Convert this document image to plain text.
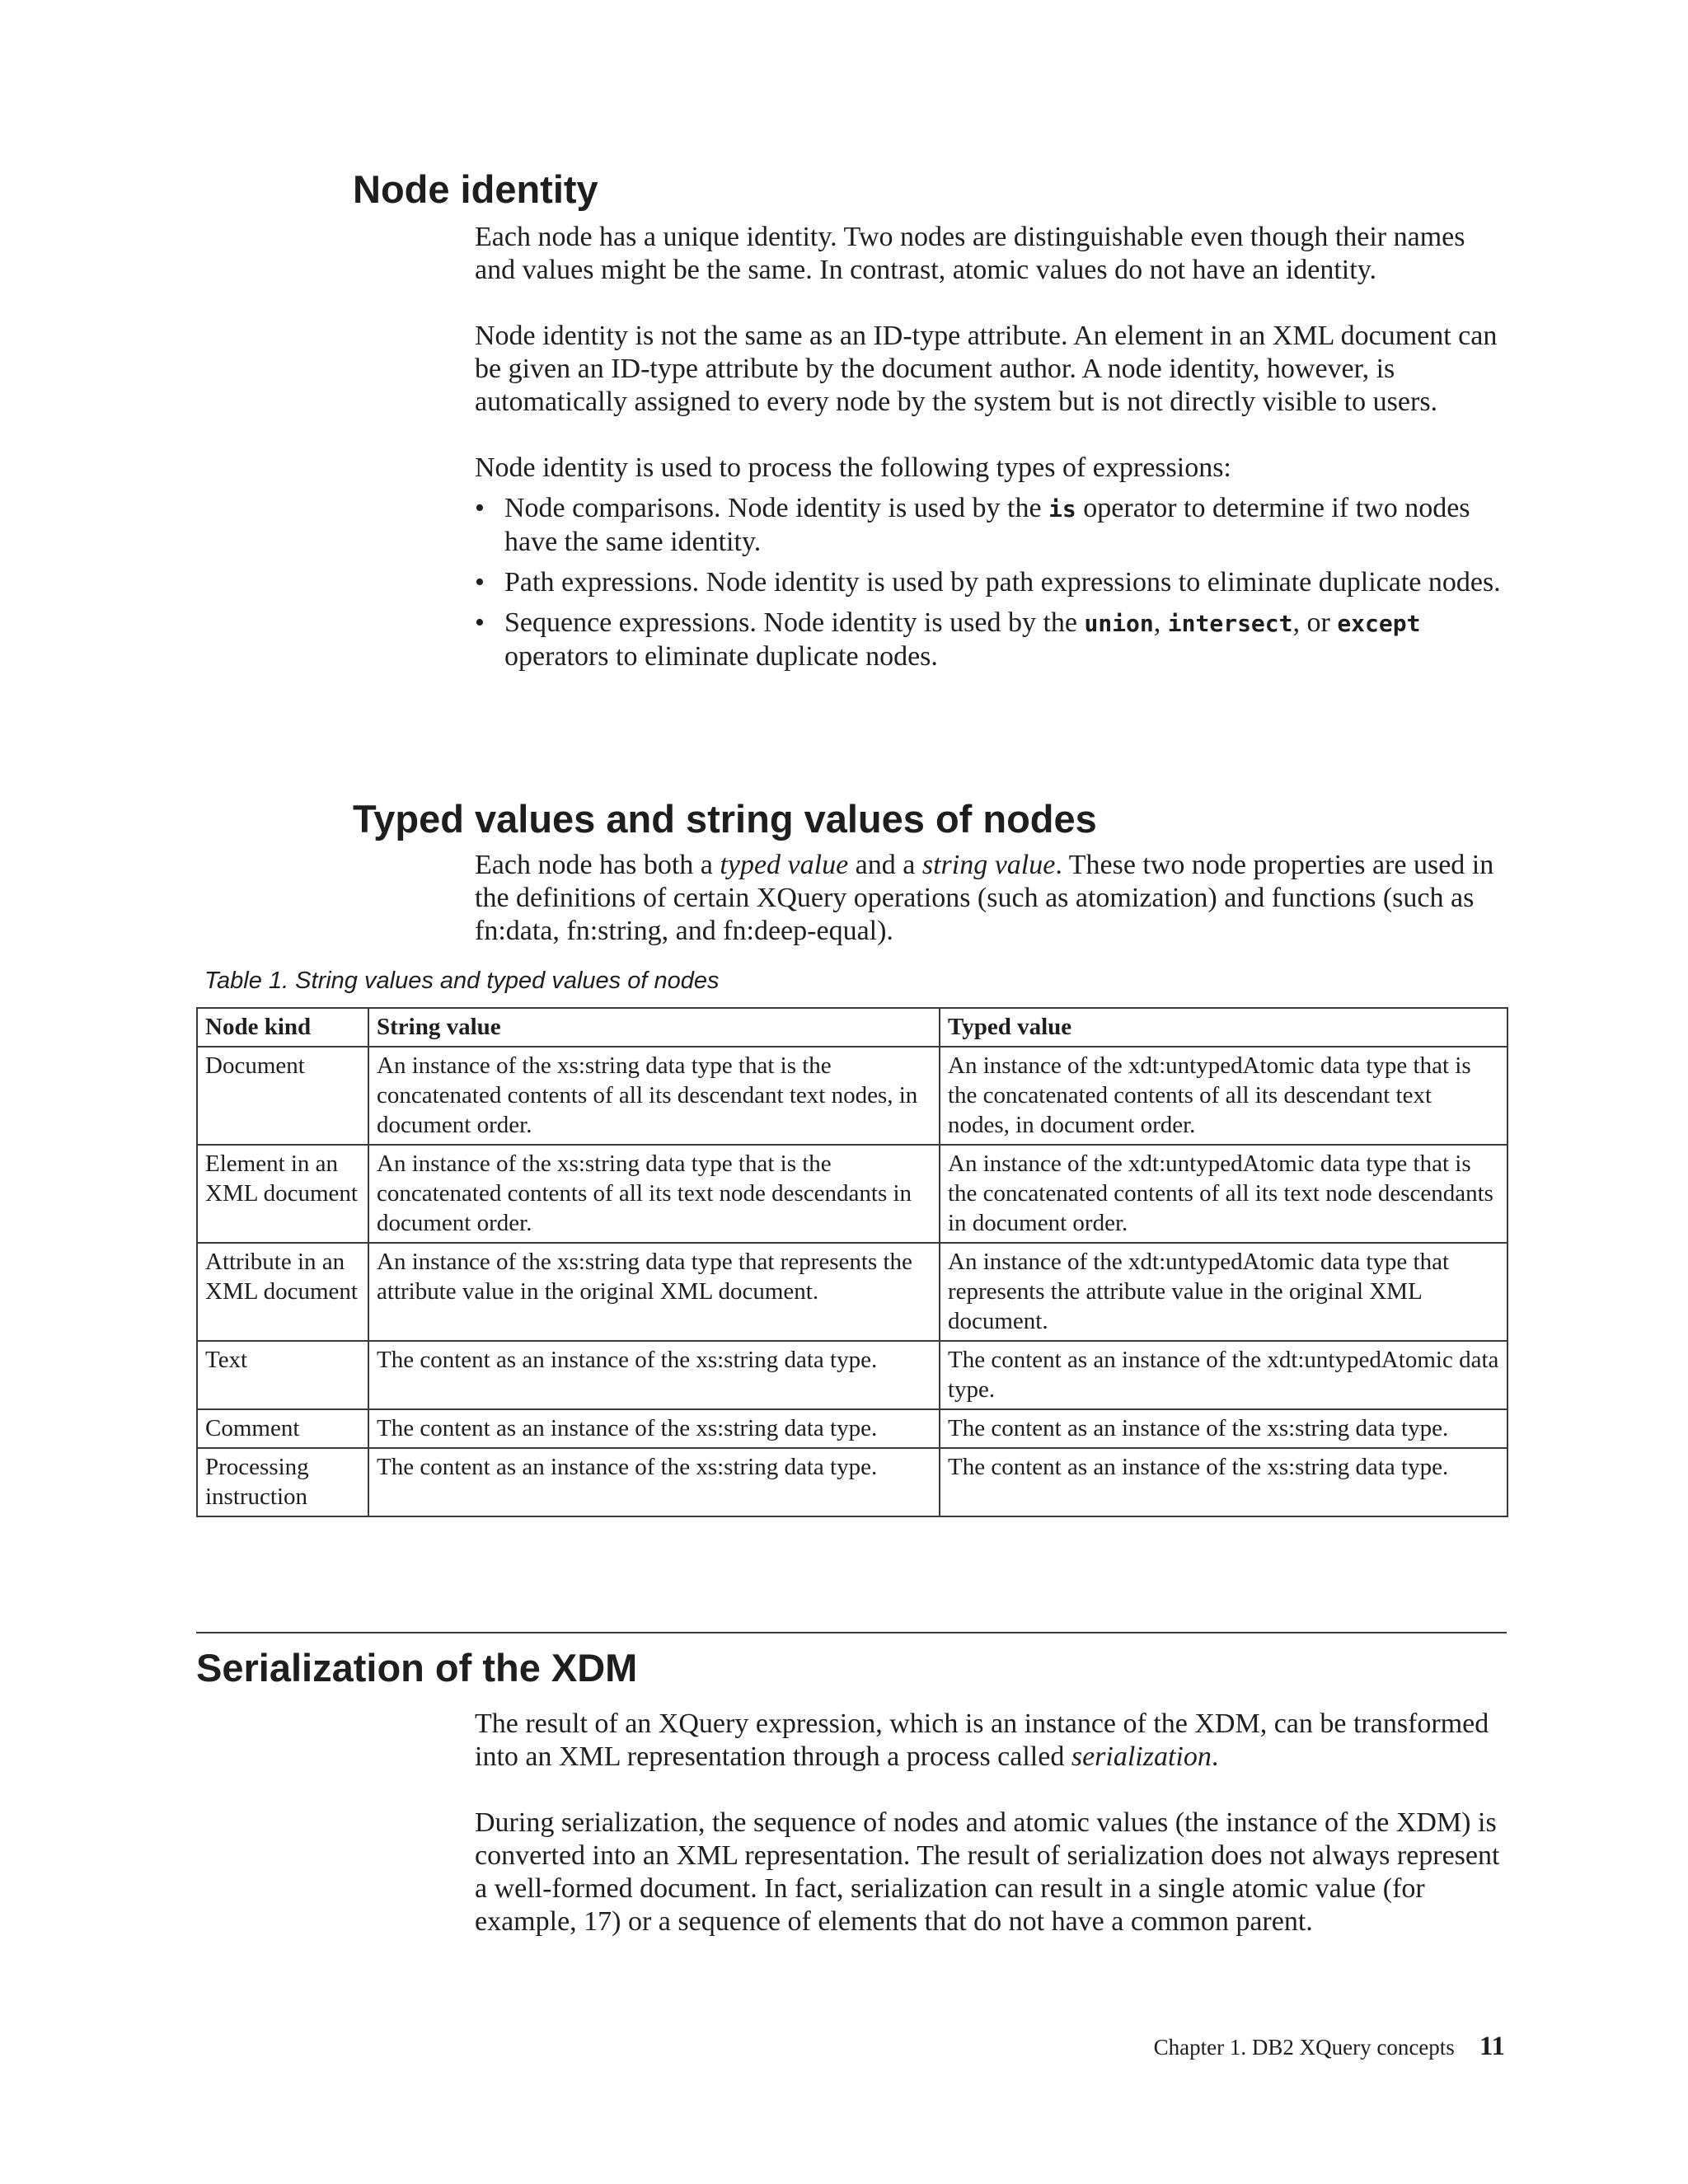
Node identity

Each node has a unique identity. Two nodes are distinguishable even though their names and values might be the same. In contrast, atomic values do not have an identity.

Node identity is not the same as an ID-type attribute. An element in an XML document can be given an ID-type attribute by the document author. A node identity, however, is automatically assigned to every node by the system but is not directly visible to users.

Node identity is used to process the following types of expressions:

• Node comparisons. Node identity is used by the is operator to determine if two nodes have the same identity.
• Path expressions. Node identity is used by path expressions to eliminate duplicate nodes.
• Sequence expressions. Node identity is used by the union, intersect, or except operators to eliminate duplicate nodes.
Typed values and string values of nodes

Each node has both a typed value and a string value. These two node properties are used in the definitions of certain XQuery operations (such as atomization) and functions (such as fn:data, fn:string, and fn:deep-equal).

Table 1. String values and typed values of nodes

Node kind	String value	Typed value
Document	An instance of the xs:string data type that is the concatenated contents of all its descendant text nodes, in document order.	An instance of the xdt:untypedAtomic data type that is the concatenated contents of all its descendant text nodes, in document order.
Element in an XML document	An instance of the xs:string data type that is the concatenated contents of all its text node descendants in document order.	An instance of the xdt:untypedAtomic data type that is the concatenated contents of all its text node descendants in document order.
Attribute in an XML document	An instance of the xs:string data type that represents the attribute value in the original XML document.	An instance of the xdt:untypedAtomic data type that represents the attribute value in the original XML document.
Text	The content as an instance of the xs:string data type.	The content as an instance of the xdt:untypedAtomic data type.
Comment	The content as an instance of the xs:string data type.	The content as an instance of the xs:string data type.
Processing instruction	The content as an instance of the xs:string data type.	The content as an instance of the xs:string data type.
Serialization of the XDM

The result of an XQuery expression, which is an instance of the XDM, can be transformed into an XML representation through a process called serialization.

During serialization, the sequence of nodes and atomic values (the instance of the XDM) is converted into an XML representation. The result of serialization does not always represent a well-formed document. In fact, serialization can result in a single atomic value (for example, 17) or a sequence of elements that do not have a common parent.

Chapter 1. DB2 XQuery concepts 11
